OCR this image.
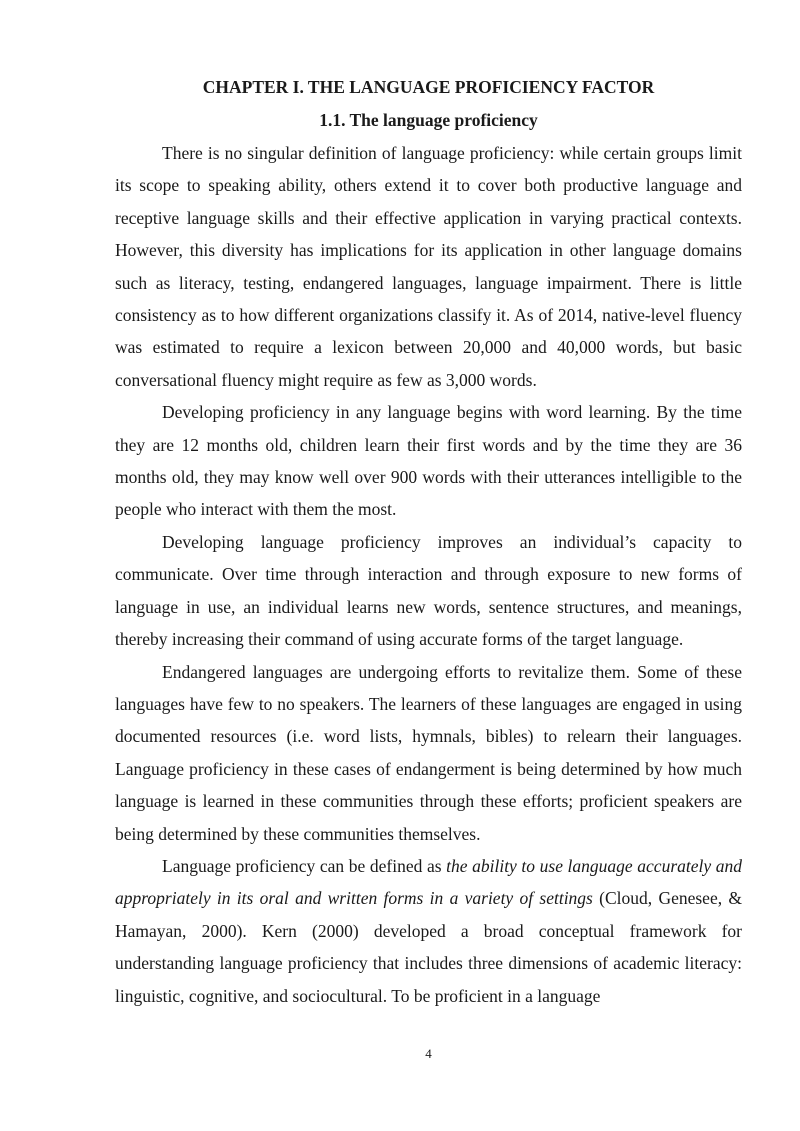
CHAPTER I. THE LANGUAGE PROFICIENCY FACTOR
1.1. The language proficiency

There is no singular definition of language proficiency: while certain groups limit its scope to speaking ability, others extend it to cover both productive language and receptive language skills and their effective application in varying practical contexts. However, this diversity has implications for its application in other language domains such as literacy, testing, endangered languages, language impairment. There is little consistency as to how different organizations classify it. As of 2014, native-level fluency was estimated to require a lexicon between 20,000 and 40,000 words, but basic conversational fluency might require as few as 3,000 words.

Developing proficiency in any language begins with word learning. By the time they are 12 months old, children learn their first words and by the time they are 36 months old, they may know well over 900 words with their utterances intelligible to the people who interact with them the most.

Developing language proficiency improves an individual’s capacity to communicate. Over time through interaction and through exposure to new forms of language in use, an individual learns new words, sentence structures, and meanings, thereby increasing their command of using accurate forms of the target language.

Endangered languages are undergoing efforts to revitalize them. Some of these languages have few to no speakers. The learners of these languages are engaged in using documented resources (i.e. word lists, hymnals, bibles) to relearn their languages. Language proficiency in these cases of endangerment is being determined by how much language is learned in these communities through these efforts; proficient speakers are being determined by these communities themselves.

Language proficiency can be defined as the ability to use language accurately and appropriately in its oral and written forms in a variety of settings (Cloud, Genesee, & Hamayan, 2000). Kern (2000) developed a broad conceptual framework for understanding language proficiency that includes three dimensions of academic literacy: linguistic, cognitive, and sociocultural. To be proficient in a language

4
